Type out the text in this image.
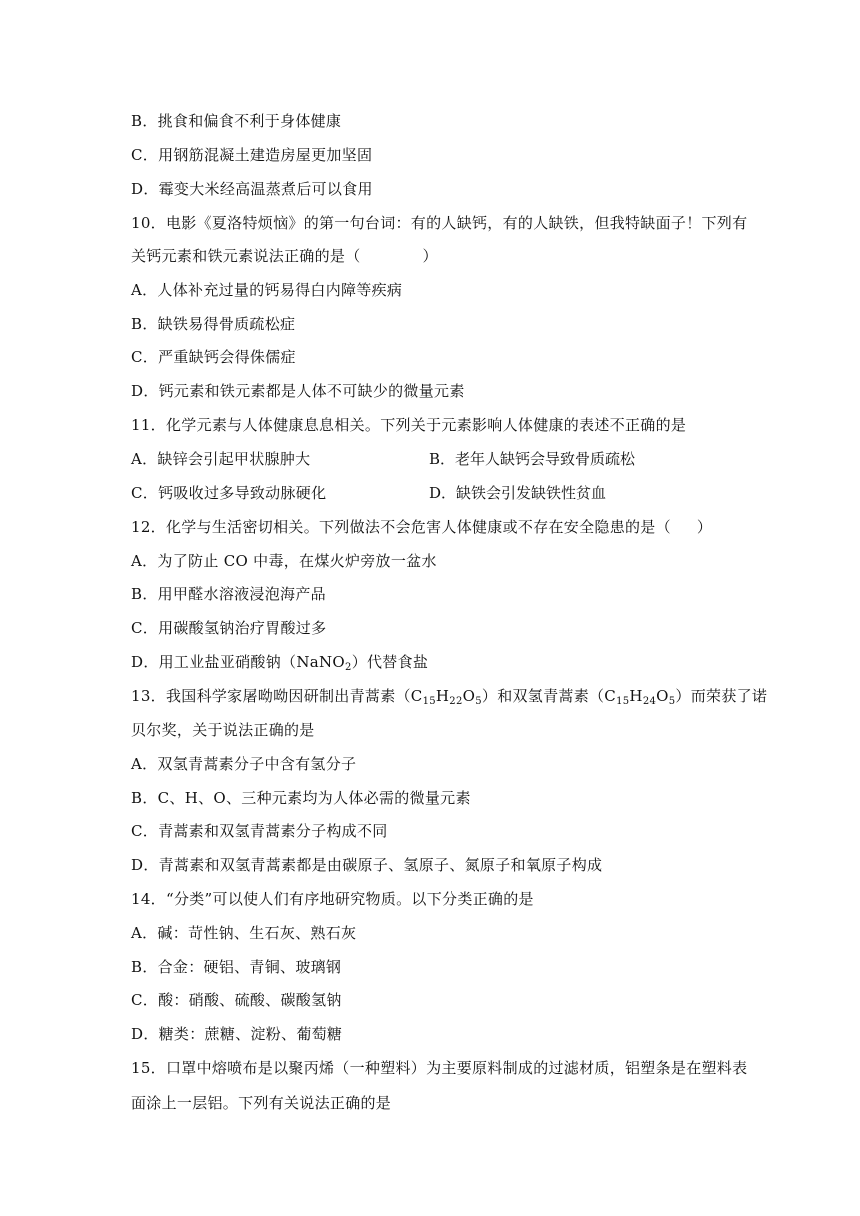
B．挑食和偏食不利于身体健康
C．用钢筋混凝土建造房屋更加坚固
D．霉变大米经高温蒸煮后可以食用
10．电影《夏洛特烦恼》的第一句台词：有的人缺钙，有的人缺铁，但我特缺面子！下列有
关钙元素和铁元素说法正确的是（	）
A．人体补充过量的钙易得白内障等疾病
B．缺铁易得骨质疏松症
C．严重缺钙会得侏儒症
D．钙元素和铁元素都是人体不可缺少的微量元素
11．化学元素与人体健康息息相关。下列关于元素影响人体健康的表述不正确的是
A．缺锌会引起甲状腺肿大	B．老年人缺钙会导致骨质疏松
C．钙吸收过多导致动脉硬化	D．缺铁会引发缺铁性贫血
12．化学与生活密切相关。下列做法不会危害人体健康或不存在安全隐患的是（ ）
A．为了防止 CO 中毒，在煤火炉旁放一盆水
B．用甲醛水溶液浸泡海产品
C．用碳酸氢钠治疗胃酸过多
D．用工业盐亚硝酸钠（NaNO$_2$）代替食盐
13．我国科学家屠呦呦因研制出青蒿素$(C_{15}H_{22}O_5)$和双氢青蒿素$(C_{15}H_{24}O_5)$而荣获了诺
贝尔奖，关于说法正确的是
A．双氢青蒿素分子中含有氢分子
B．C、H、O、三种元素均为人体必需的微量元素
C．青蒿素和双氢青蒿素分子构成不同
D．青蒿素和双氢青蒿素都是由碳原子、氢原子、氮原子和氧原子构成
14．“分类”可以使人们有序地研究物质。以下分类正确的是
A．碱：苛性钠、生石灰、熟石灰
B．合金：硬铝、青铜、玻璃钢
C．酸：硝酸、硫酸、碳酸氢钠
D．糖类：蔗糖、淀粉、葡萄糖
15．口罩中熔喷布是以聚丙烯（一种塑料）为主要原料制成的过滤材质，铝塑条是在塑料表
面涂上一层铝。下列有关说法正确的是
